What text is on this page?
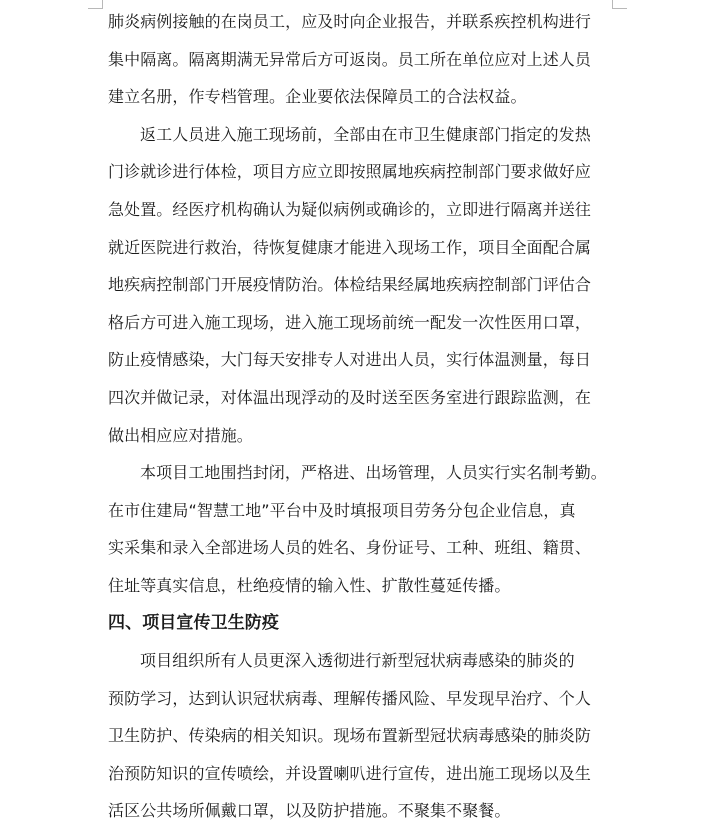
肺炎病例接触的在岗员工，应及时向企业报告，并联系疾控机构进行
集中隔离。隔离期满无异常后方可返岗。员工所在单位应对上述人员
建立名册，作专档管理。企业要依法保障员工的合法权益。
返工人员进入施工现场前，全部由在市卫生健康部门指定的发热
门诊就诊进行体检，项目方应立即按照属地疾病控制部门要求做好应
急处置。经医疗机构确认为疑似病例或确诊的，立即进行隔离并送往
就近医院进行救治，待恢复健康才能进入现场工作，项目全面配合属
地疾病控制部门开展疫情防治。体检结果经属地疾病控制部门评估合
格后方可进入施工现场，进入施工现场前统一配发一次性医用口罩，
防止疫情感染，大门每天安排专人对进出人员，实行体温测量，每日
四次并做记录，对体温出现浮动的及时送至医务室进行跟踪监测，在
做出相应应对措施。
本项目工地围挡封闭，严格进、出场管理，人员实行实名制考勤。
在市住建局“智慧工地”平台中及时填报项目劳务分包企业信息，真
实采集和录入全部进场人员的姓名、身份证号、工种、班组、籍贯、
住址等真实信息，杜绝疫情的输入性、扩散性蔓延传播。
四、项目宣传卫生防疫
项目组织所有人员更深入透彻进行新型冠状病毒感染的肺炎的
预防学习，达到认识冠状病毒、理解传播风险、早发现早治疗、个人
卫生防护、传染病的相关知识。现场布置新型冠状病毒感染的肺炎防
治预防知识的宣传喷绘，并设置喇叭进行宣传，进出施工现场以及生
活区公共场所佩戴口罩，以及防护措施。不聚集不聚餐。
